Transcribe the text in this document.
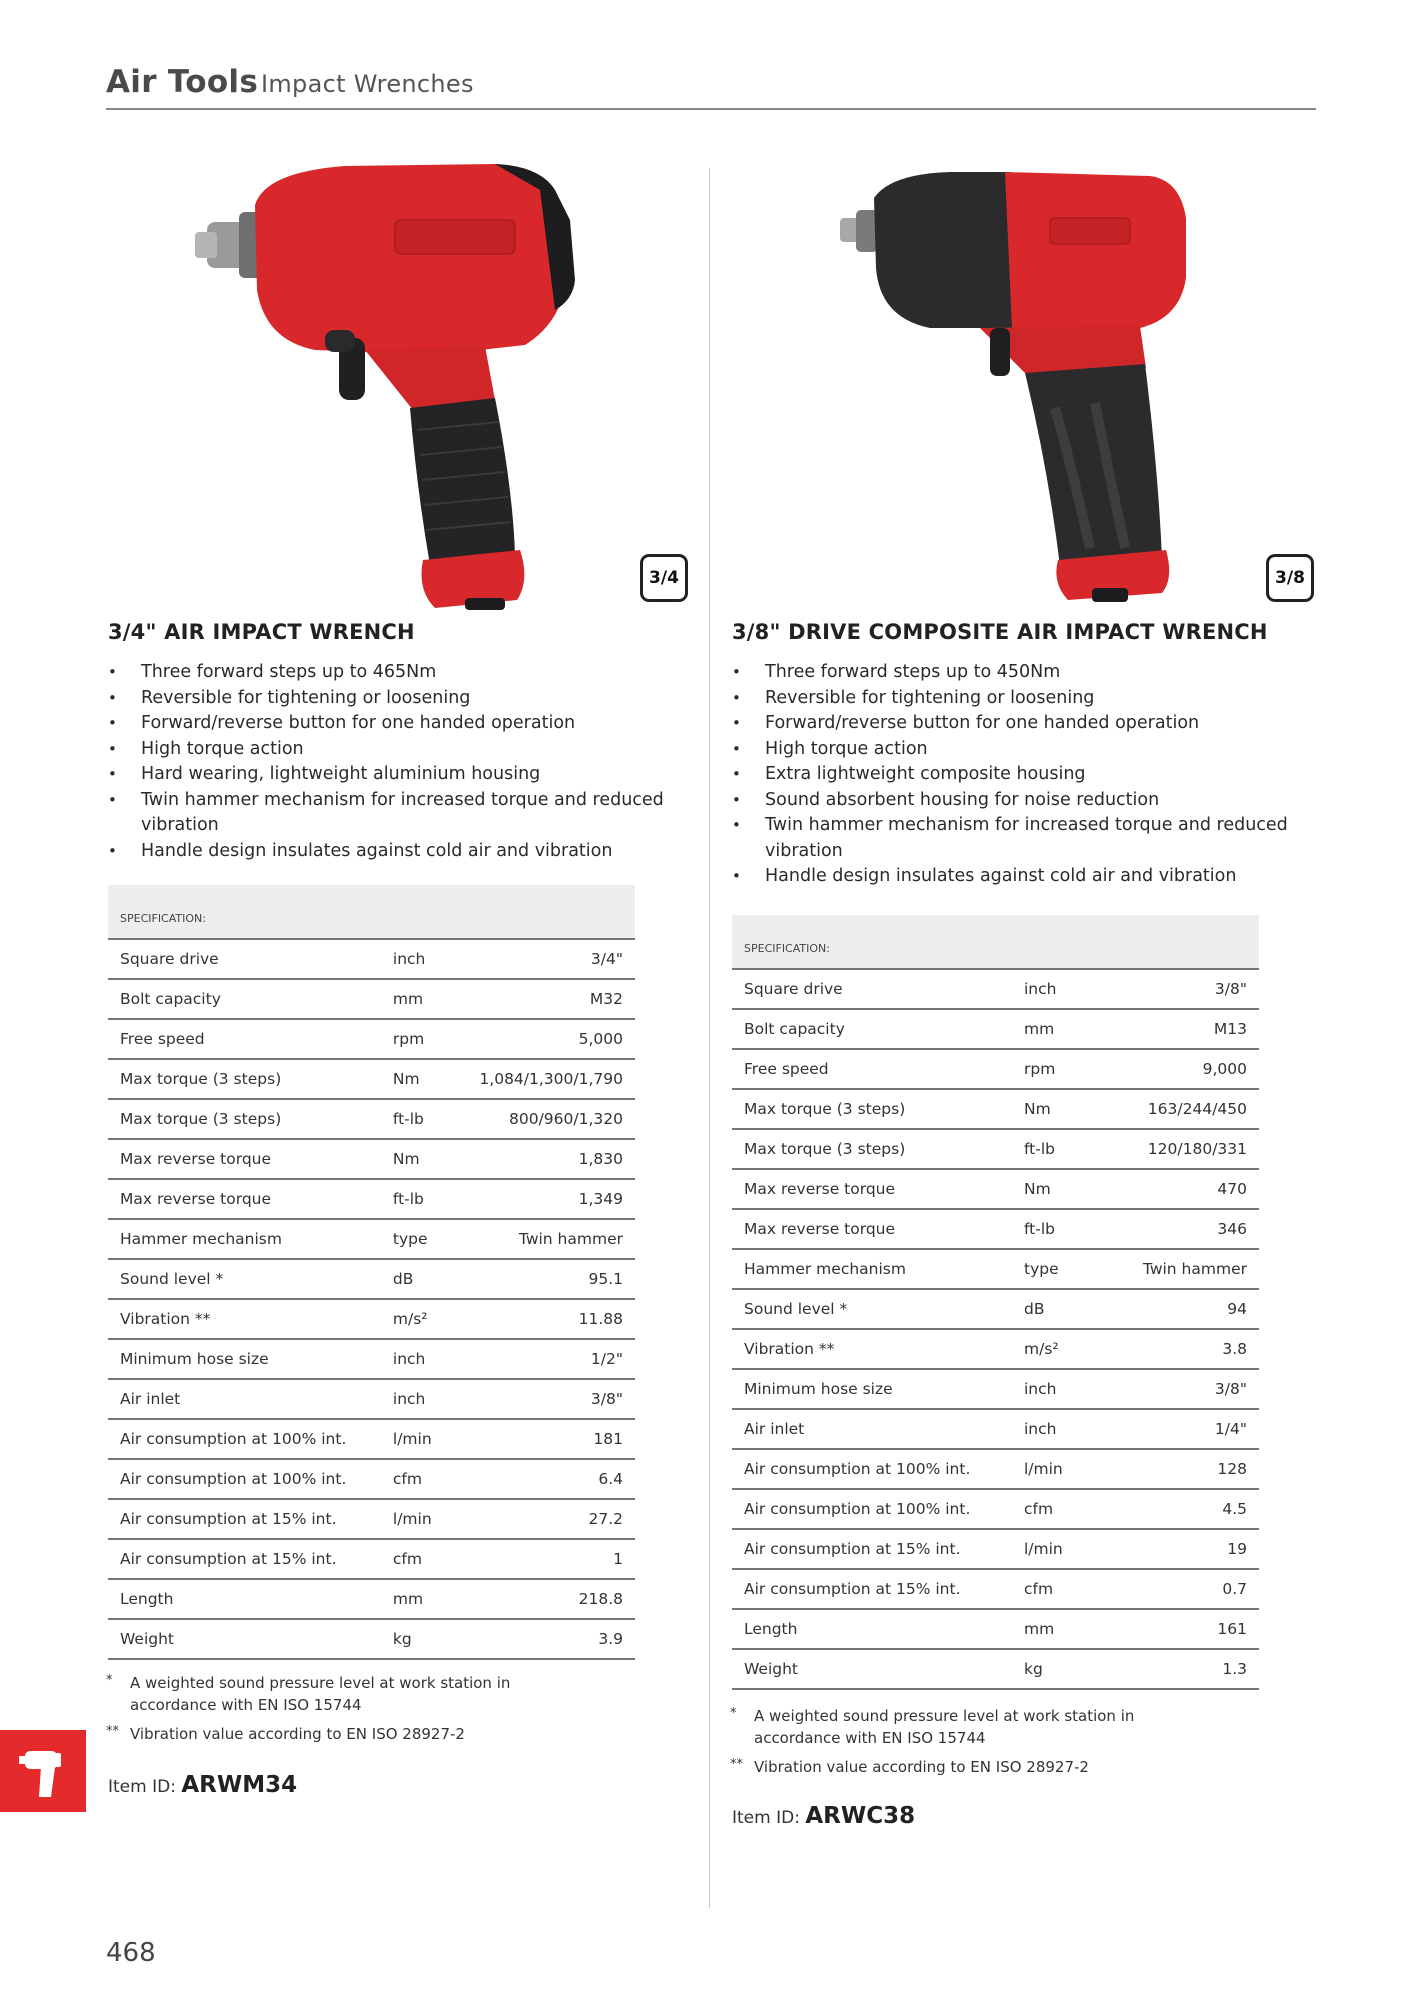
Air Tools Impact Wrenches
3 / 4
3/4" AIR IMPACT WRENCH
• Three forward steps up to 465Nm
• Reversible for tightening or loosening
• Forward/reverse button for one handed operation
• High torque action
• Hard wearing, lightweight aluminium housing
• Twin hammer mechanism for increased torque and reduced vibration
• Handle design insulates against cold air and vibration
SPECIFICATION:		
Square drive	inch	3/4"
Bolt capacity	mm	M32
Free speed	rpm	5,000
Max torque (3 steps)	Nm	1,084/1,300/1,790
Max torque (3 steps)	ft-lb	800/960/1,320
Max reverse torque	Nm	1,830
Max reverse torque	ft-lb	1,349
Hammer mechanism	type	Twin hammer
Sound level *	dB	95.1
Vibration **	m/s²	11.88
Minimum hose size	inch	1/2"
Air inlet	inch	3/8"
Air consumption at 100% int.	l/min	181
Air consumption at 100% int.	cfm	6.4
Air consumption at 15% int.	l/min	27.2
Air consumption at 15% int.	cfm	1
Length	mm	218.8
Weight	kg	3.9
* A weighted sound pressure level at work station in accordance with EN ISO 15744
** Vibration value according to EN ISO 28927-2
Item ID: ARWM34
3 / 8
3/8" DRIVE COMPOSITE AIR IMPACT WRENCH
• Three forward steps up to 450Nm
• Reversible for tightening or loosening
• Forward/reverse button for one handed operation
• High torque action
• Extra lightweight composite housing
• Sound absorbent housing for noise reduction
• Twin hammer mechanism for increased torque and reduced vibration
• Handle design insulates against cold air and vibration
SPECIFICATION:		
Square drive	inch	3/8"
Bolt capacity	mm	M13
Free speed	rpm	9,000
Max torque (3 steps)	Nm	163/244/450
Max torque (3 steps)	ft-lb	120/180/331
Max reverse torque	Nm	470
Max reverse torque	ft-lb	346
Hammer mechanism	type	Twin hammer
Sound level *	dB	94
Vibration **	m/s²	3.8
Minimum hose size	inch	3/8"
Air inlet	inch	1/4"
Air consumption at 100% int.	l/min	128
Air consumption at 100% int.	cfm	4.5
Air consumption at 15% int.	l/min	19
Air consumption at 15% int.	cfm	0.7
Length	mm	161
Weight	kg	1.3
* A weighted sound pressure level at work station in accordance with EN ISO 15744
** Vibration value according to EN ISO 28927-2
Item ID: ARWC38
468
